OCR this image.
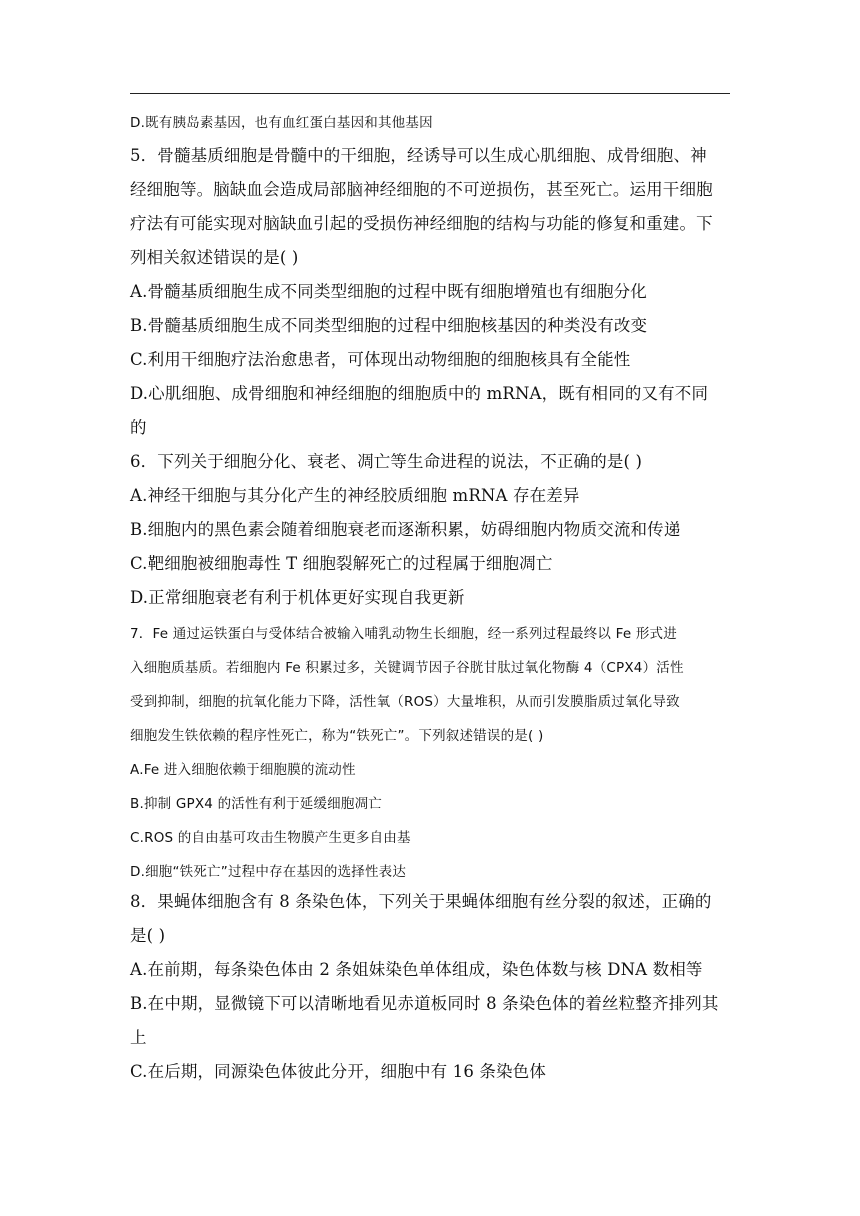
D.既有胰岛素基因，也有血红蛋白基因和其他基因
5．骨髓基质细胞是骨髓中的干细胞，经诱导可以生成心肌细胞、成骨细胞、神
经细胞等。脑缺血会造成局部脑神经细胞的不可逆损伤，甚至死亡。运用干细胞
疗法有可能实现对脑缺血引起的受损伤神经细胞的结构与功能的修复和重建。下
列相关叙述错误的是( )
A.骨髓基质细胞生成不同类型细胞的过程中既有细胞增殖也有细胞分化
B.骨髓基质细胞生成不同类型细胞的过程中细胞核基因的种类没有改变
C.利用干细胞疗法治愈患者，可体现出动物细胞的细胞核具有全能性
D.心肌细胞、成骨细胞和神经细胞的细胞质中的 mRNA，既有相同的又有不同
的
6．下列关于细胞分化、衰老、凋亡等生命进程的说法，不正确的是( )
A.神经干细胞与其分化产生的神经胶质细胞 mRNA 存在差异
B.细胞内的黑色素会随着细胞衰老而逐渐积累，妨碍细胞内物质交流和传递
C.靶细胞被细胞毒性 T 细胞裂解死亡的过程属于细胞凋亡
D.正常细胞衰老有利于机体更好实现自我更新
7．Fe 通过运铁蛋白与受体结合被输入哺乳动物生长细胞，经一系列过程最终以 Fe 形式进
入细胞质基质。若细胞内 Fe 积累过多，关键调节因子谷胱甘肽过氧化物酶 4（CPX4）活性
受到抑制，细胞的抗氧化能力下降，活性氧（ROS）大量堆积，从而引发膜脂质过氧化导致
细胞发生铁依赖的程序性死亡，称为“铁死亡”。下列叙述错误的是( )
A.Fe 进入细胞依赖于细胞膜的流动性
B.抑制 GPX4 的活性有利于延缓细胞凋亡
C.ROS 的自由基可攻击生物膜产生更多自由基
D.细胞“铁死亡”过程中存在基因的选择性表达
8．果蝇体细胞含有 8 条染色体，下列关于果蝇体细胞有丝分裂的叙述，正确的
是( )
A.在前期，每条染色体由 2 条姐妹染色单体组成，染色体数与核 DNA 数相等
B.在中期，显微镜下可以清晰地看见赤道板同时 8 条染色体的着丝粒整齐排列其
上
C.在后期，同源染色体彼此分开，细胞中有 16 条染色体
